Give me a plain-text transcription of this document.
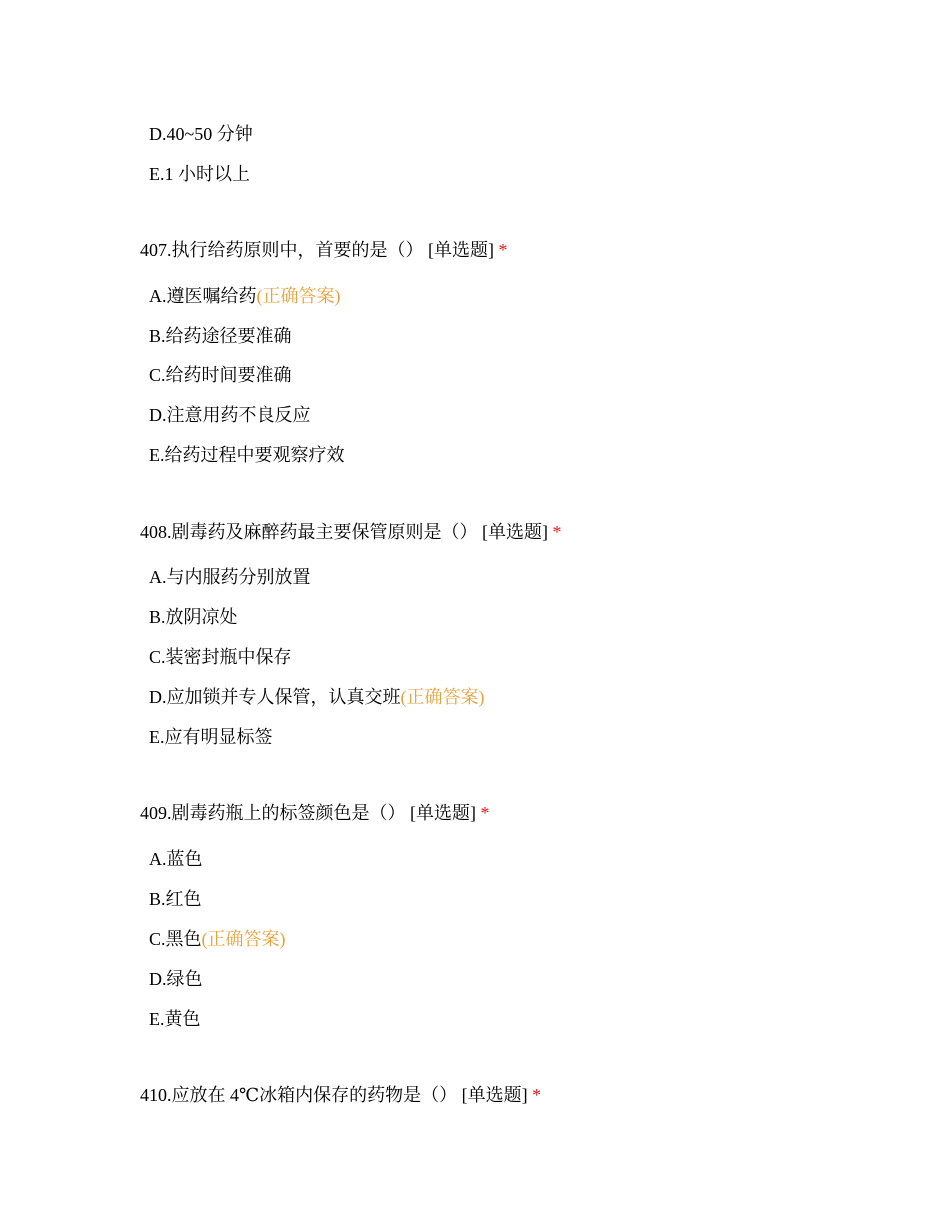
D.40~50 分钟
E.1 小时以上
407.执行给药原则中，首要的是（） [单选题] *
A.遵医嘱给药(正确答案)
B.给药途径要准确
C.给药时间要准确
D.注意用药不良反应
E.给药过程中要观察疗效
408.剧毒药及麻醉药最主要保管原则是（） [单选题] *
A.与内服药分别放置
B.放阴凉处
C.装密封瓶中保存
D.应加锁并专人保管，认真交班(正确答案)
E.应有明显标签
409.剧毒药瓶上的标签颜色是（） [单选题] *
A.蓝色
B.红色
C.黑色(正确答案)
D.绿色
E.黄色
410.应放在 4℃冰箱内保存的药物是（） [单选题] *
